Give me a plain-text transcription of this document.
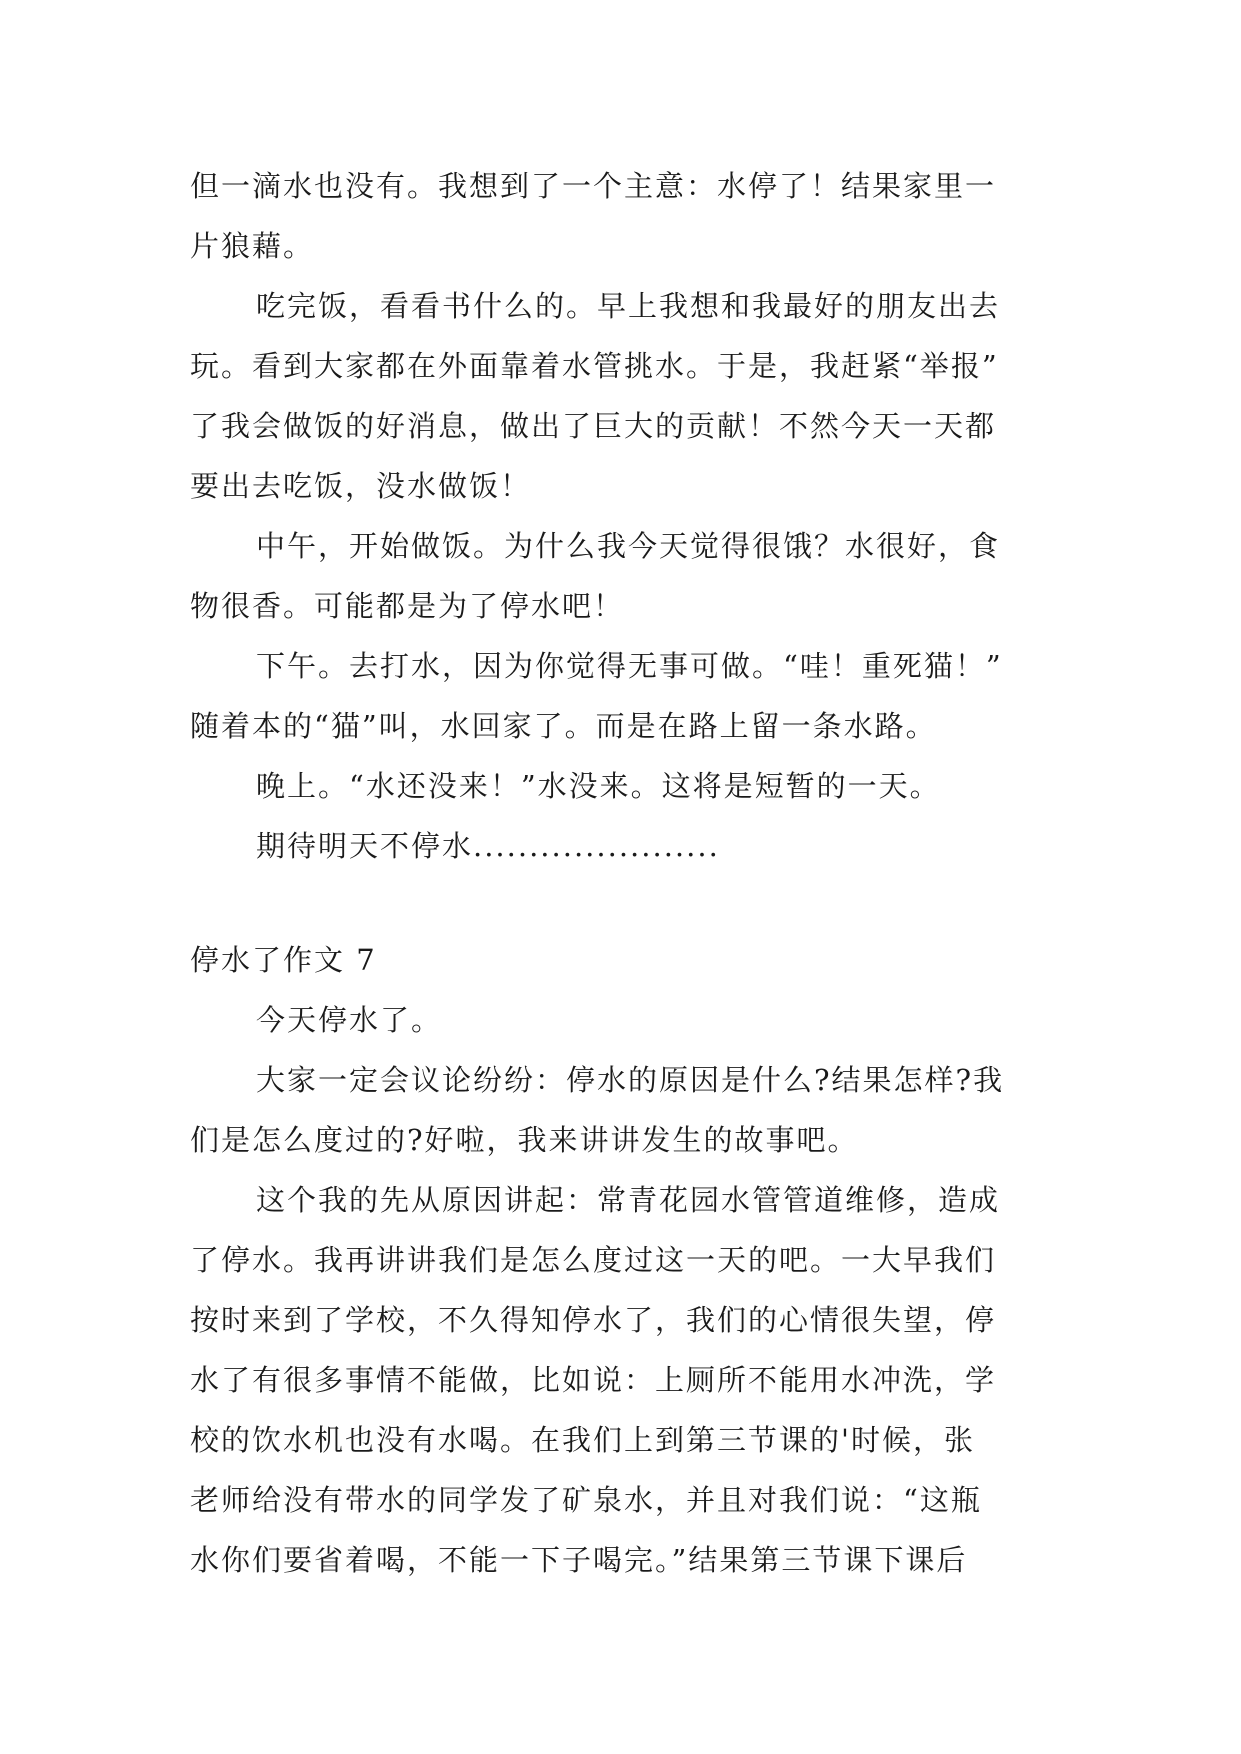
但一滴水也没有。我想到了一个主意：水停了！结果家里一
片狼藉。
吃完饭，看看书什么的。早上我想和我最好的朋友出去
玩。看到大家都在外面靠着水管挑水。于是，我赶紧“举报”
了我会做饭的好消息，做出了巨大的贡献！不然今天一天都
要出去吃饭，没水做饭！
中午，开始做饭。为什么我今天觉得很饿？水很好，食
物很香。可能都是为了停水吧！
下午。去打水，因为你觉得无事可做。“哇！重死猫！”
随着本的“猫”叫，水回家了。而是在路上留一条水路。
晚上。“水还没来！”水没来。这将是短暂的一天。
期待明天不停水......................
停水了作文 7
今天停水了。
大家一定会议论纷纷：停水的原因是什么?结果怎样?我
们是怎么度过的?好啦，我来讲讲发生的故事吧。
这个我的先从原因讲起：常青花园水管管道维修，造成
了停水。我再讲讲我们是怎么度过这一天的吧。一大早我们
按时来到了学校，不久得知停水了，我们的心情很失望，停
水了有很多事情不能做，比如说：上厕所不能用水冲洗，学
校的饮水机也没有水喝。在我们上到第三节课的'时候，张
老师给没有带水的同学发了矿泉水，并且对我们说：“这瓶
水你们要省着喝，不能一下子喝完。”结果第三节课下课后
